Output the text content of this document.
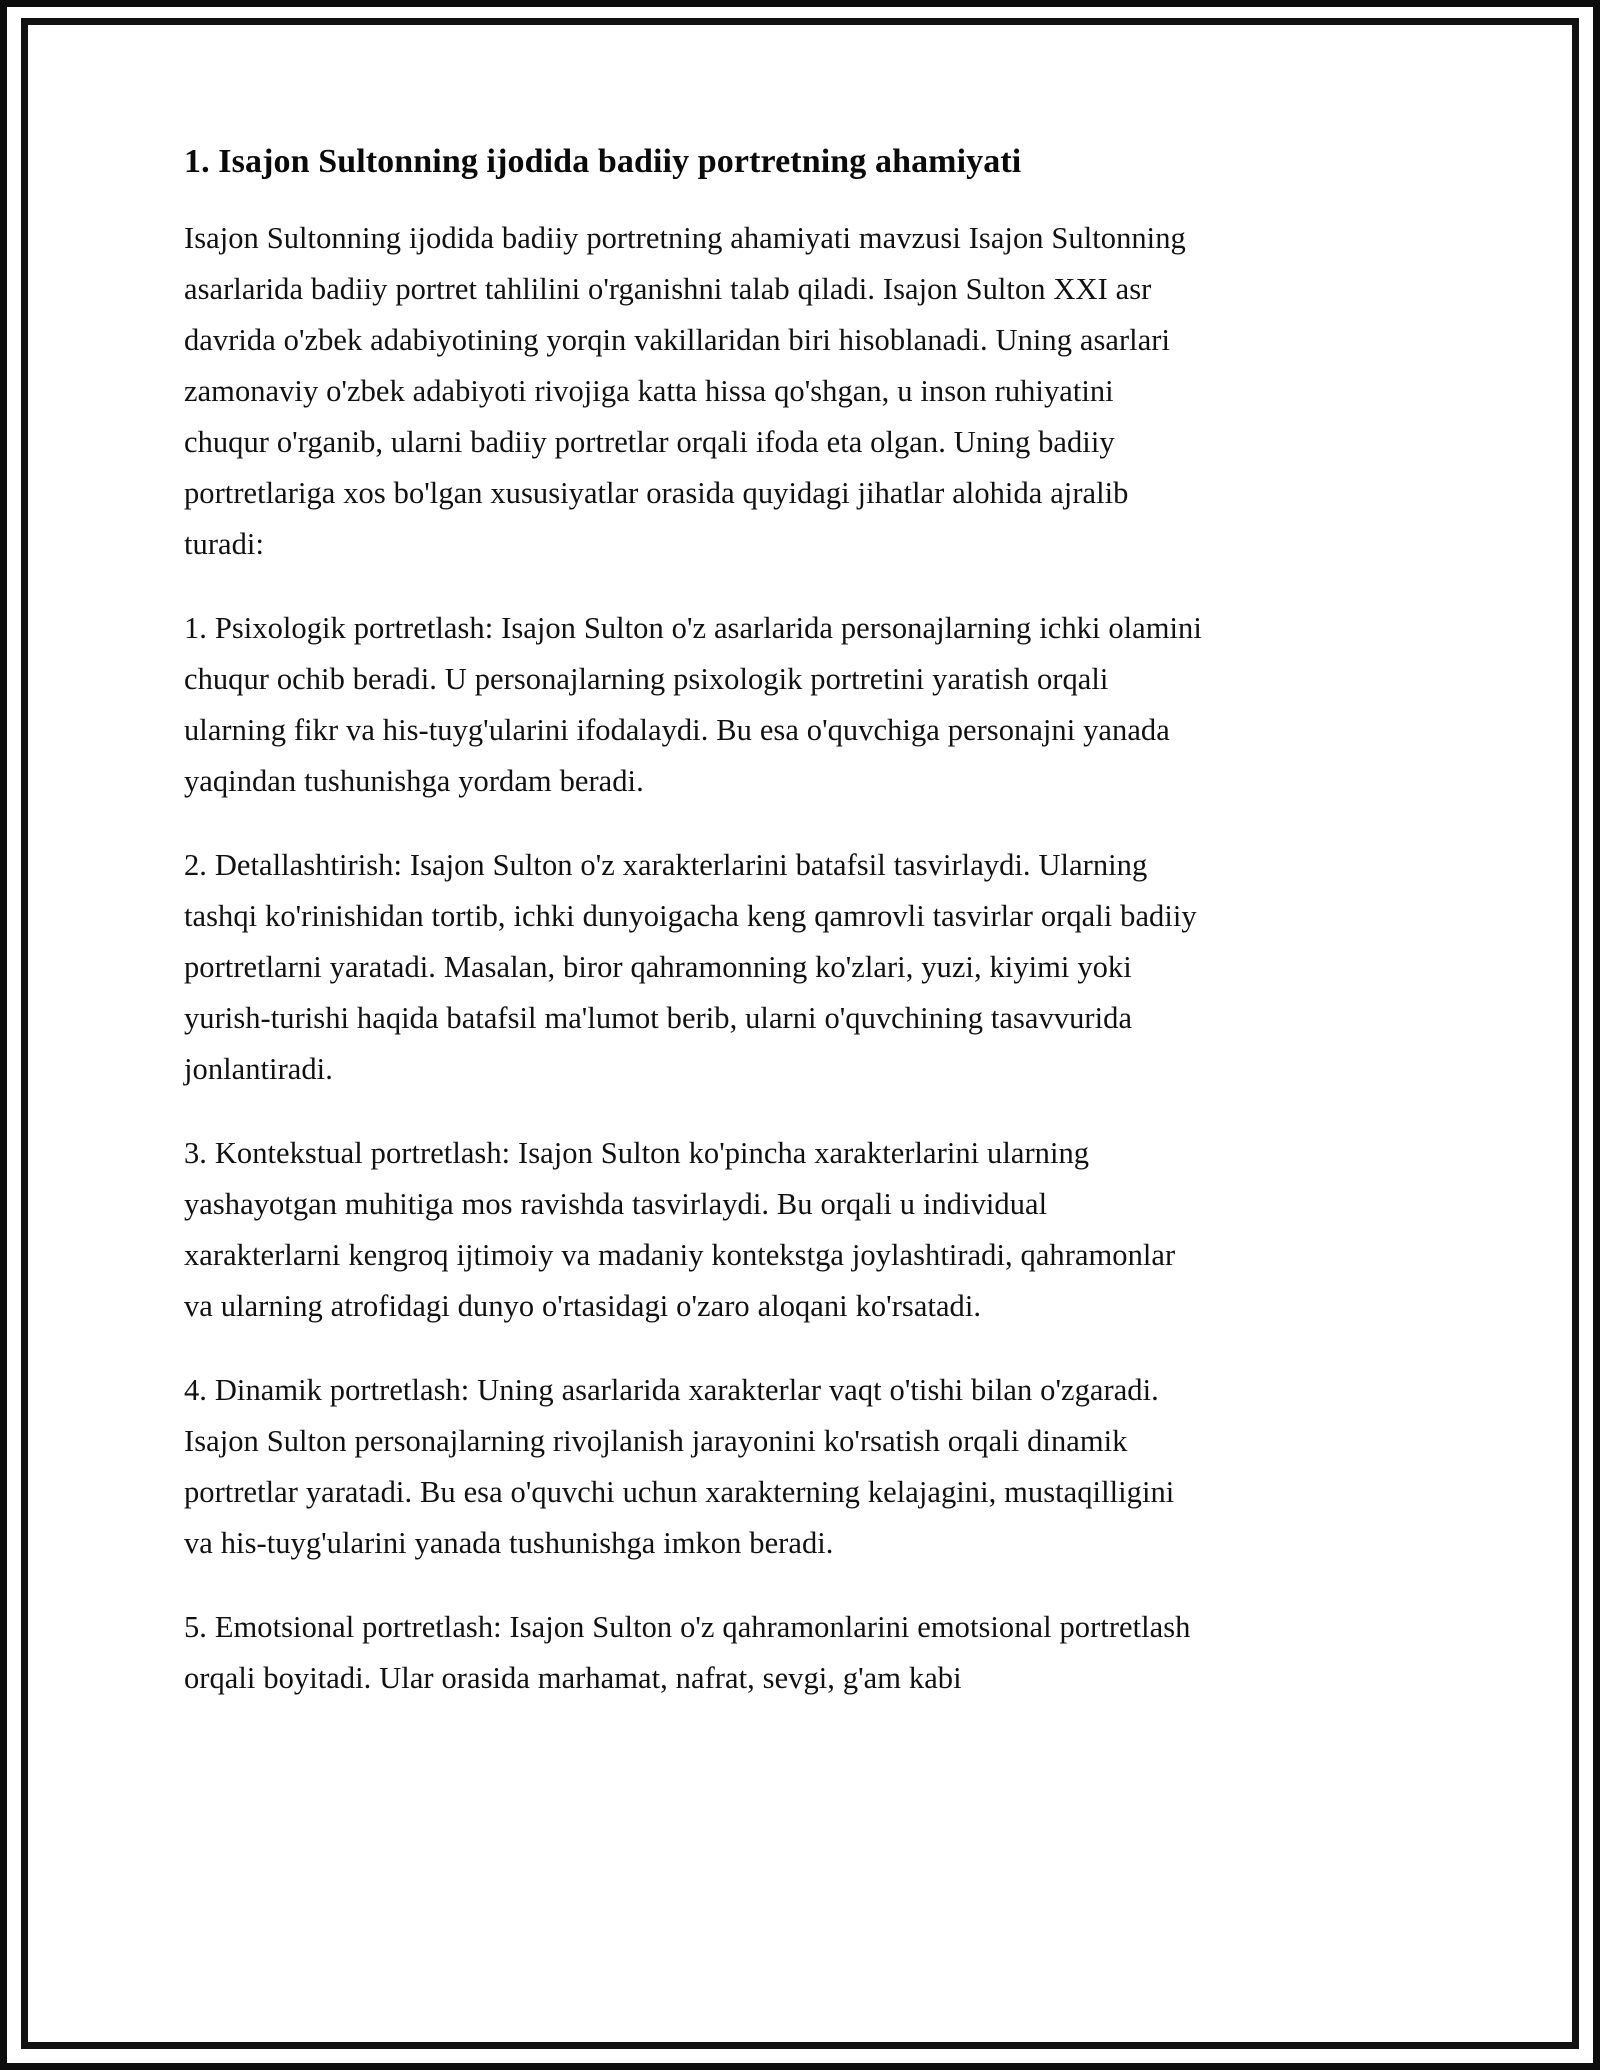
1. Isajon Sultonning ijodida badiiy portretning ahamiyati

Isajon Sultonning ijodida badiiy portretning ahamiyati mavzusi Isajon Sultonning asarlarida badiiy portret tahlilini o'rganishni talab qiladi. Isajon Sulton XXI asr davrida o'zbek adabiyotining yorqin vakillaridan biri hisoblanadi. Uning asarlari zamonaviy o'zbek adabiyoti rivojiga katta hissa qo'shgan, u inson ruhiyatini chuqur o'rganib, ularni badiiy portretlar orqali ifoda eta olgan. Uning badiiy portretlariga xos bo'lgan xususiyatlar orasida quyidagi jihatlar alohida ajralib turadi:

1. Psixologik portretlash: Isajon Sulton o'z asarlarida personajlarning ichki olamini chuqur ochib beradi. U personajlarning psixologik portretini yaratish orqali ularning fikr va his-tuyg'ularini ifodalaydi. Bu esa o'quvchiga personajni yanada yaqindan tushunishga yordam beradi.

2. Detallashtirish: Isajon Sulton o'z xarakterlarini batafsil tasvirlaydi. Ularning tashqi ko'rinishidan tortib, ichki dunyoigacha keng qamrovli tasvirlar orqali badiiy portretlarni yaratadi. Masalan, biror qahramonning ko'zlari, yuzi, kiyimi yoki yurish-turishi haqida batafsil ma'lumot berib, ularni o'quvchining tasavvurida jonlantiradi.

3. Kontekstual portretlash: Isajon Sulton ko'pincha xarakterlarini ularning yashayotgan muhitiga mos ravishda tasvirlaydi. Bu orqali u individual xarakterlarni kengroq ijtimoiy va madaniy kontekstga joylashtiradi, qahramonlar va ularning atrofidagi dunyo o'rtasidagi o'zaro aloqani ko'rsatadi.

4. Dinamik portretlash: Uning asarlarida xarakterlar vaqt o'tishi bilan o'zgaradi. Isajon Sulton personajlarning rivojlanish jarayonini ko'rsatish orqali dinamik portretlar yaratadi. Bu esa o'quvchi uchun xarakterning kelajagini, mustaqilligini va his-tuyg'ularini yanada tushunishga imkon beradi.

5. Emotsional portretlash: Isajon Sulton o'z qahramonlarini emotsional portretlash orqali boyitadi. Ular orasida marhamat, nafrat, sevgi, g'am kabi
